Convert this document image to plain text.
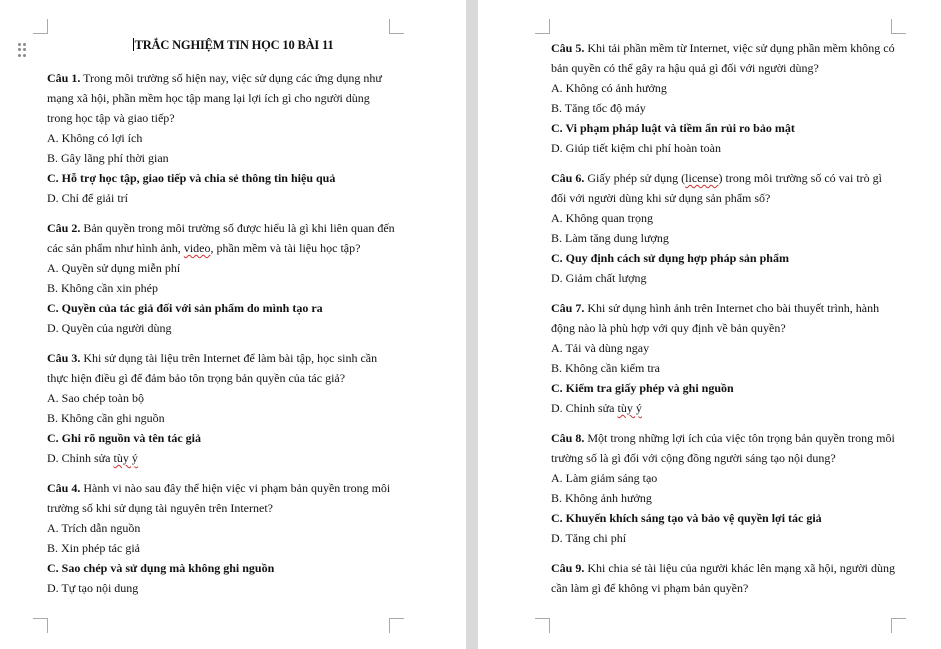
TRẮC NGHIỆM TIN HỌC 10 BÀI 11

Câu 1. Trong môi trường số hiện nay, việc sử dụng các ứng dụng như mạng xã hội, phần mềm học tập mang lại lợi ích gì cho người dùng trong học tập và giao tiếp?

A. Không có lợi ích

B. Gây lãng phí thời gian

C. Hỗ trợ học tập, giao tiếp và chia sẻ thông tin hiệu quả

D. Chỉ để giải trí

Câu 2. Bản quyền trong môi trường số được hiểu là gì khi liên quan đến các sản phẩm như hình ảnh, video, phần mềm và tài liệu học tập?

A. Quyền sử dụng miễn phí

B. Không cần xin phép

C. Quyền của tác giả đối với sản phẩm do mình tạo ra

D. Quyền của người dùng

Câu 3. Khi sử dụng tài liệu trên Internet để làm bài tập, học sinh cần thực hiện điều gì để đảm bảo tôn trọng bản quyền của tác giả?

A. Sao chép toàn bộ

B. Không cần ghi nguồn

C. Ghi rõ nguồn và tên tác giả

D. Chỉnh sửa tùy ý

Câu 4. Hành vi nào sau đây thể hiện việc vi phạm bản quyền trong môi trường số khi sử dụng tài nguyên trên Internet?

A. Trích dẫn nguồn

B. Xin phép tác giả

C. Sao chép và sử dụng mà không ghi nguồn

D. Tự tạo nội dung

Câu 5. Khi tải phần mềm từ Internet, việc sử dụng phần mềm không có bản quyền có thể gây ra hậu quả gì đối với người dùng?

A. Không có ảnh hưởng

B. Tăng tốc độ máy

C. Vi phạm pháp luật và tiềm ẩn rủi ro bảo mật

D. Giúp tiết kiệm chi phí hoàn toàn

Câu 6. Giấy phép sử dụng (license) trong môi trường số có vai trò gì đối với người dùng khi sử dụng sản phẩm số?

A. Không quan trọng

B. Làm tăng dung lượng

C. Quy định cách sử dụng hợp pháp sản phẩm

D. Giảm chất lượng

Câu 7. Khi sử dụng hình ảnh trên Internet cho bài thuyết trình, hành động nào là phù hợp với quy định về bản quyền?

A. Tải và dùng ngay

B. Không cần kiểm tra

C. Kiểm tra giấy phép và ghi nguồn

D. Chỉnh sửa tùy ý

Câu 8. Một trong những lợi ích của việc tôn trọng bản quyền trong môi trường số là gì đối với cộng đồng người sáng tạo nội dung?

A. Làm giảm sáng tạo

B. Không ảnh hưởng

C. Khuyến khích sáng tạo và bảo vệ quyền lợi tác giả

D. Tăng chi phí

Câu 9. Khi chia sẻ tài liệu của người khác lên mạng xã hội, người dùng cần làm gì để không vi phạm bản quyền?
